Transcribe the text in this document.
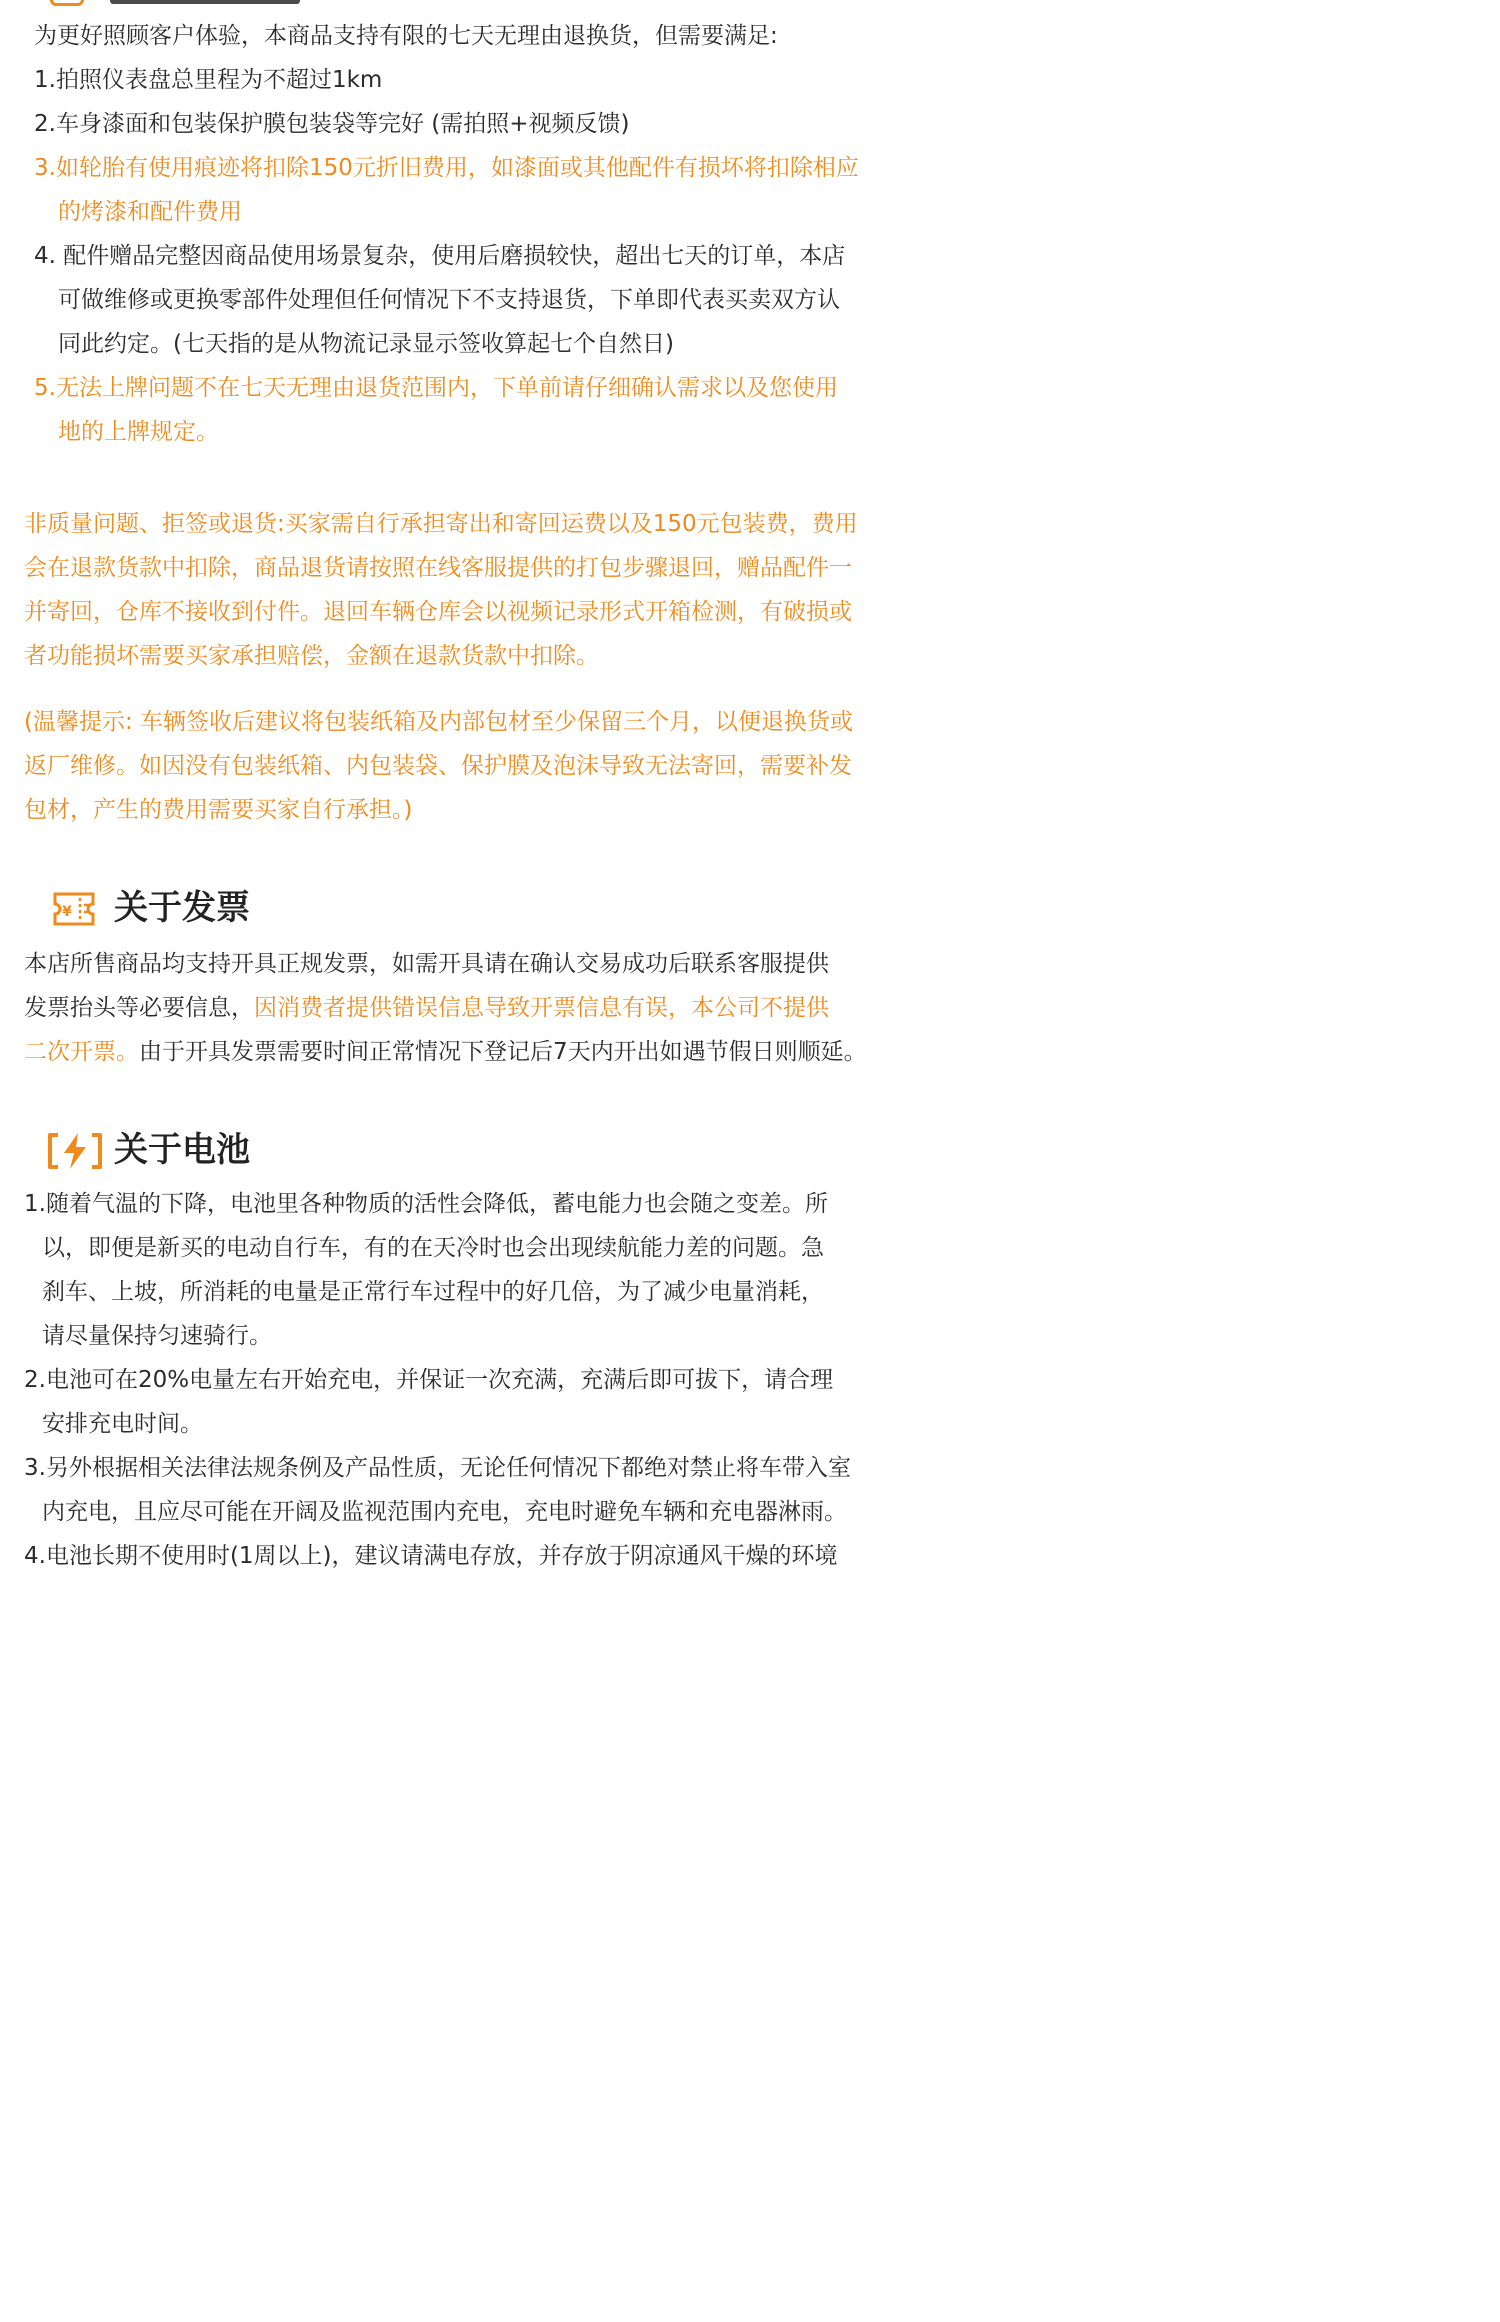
为更好照顾客户体验，本商品支持有限的七天无理由退换货，但需要满足:
1.拍照仪表盘总里程为不超过1km
2.车身漆面和包装保护膜包装袋等完好 (需拍照+视频反馈)
3.如轮胎有使用痕迹将扣除150元折旧费用，如漆面或其他配件有损坏将扣除相应
的烤漆和配件费用
4. 配件赠品完整因商品使用场景复杂，使用后磨损较快，超出七天的订单，本店
可做维修或更换零部件处理但任何情况下不支持退货，下单即代表买卖双方认
同此约定。(七天指的是从物流记录显示签收算起七个自然日)
5.无法上牌问题不在七天无理由退货范围内，下单前请仔细确认需求以及您使用
地的上牌规定。
非质量问题、拒签或退货:买家需自行承担寄出和寄回运费以及150元包装费，费用
会在退款货款中扣除，商品退货请按照在线客服提供的打包步骤退回，赠品配件一
并寄回，仓库不接收到付件。退回车辆仓库会以视频记录形式开箱检测，有破损或
者功能损坏需要买家承担赔偿，金额在退款货款中扣除。
(温馨提示: 车辆签收后建议将包装纸箱及内部包材至少保留三个月，以便退换货或
返厂维修。如因没有包装纸箱、内包装袋、保护膜及泡沫导致无法寄回，需要补发
包材，产生的费用需要买家自行承担。)
¥ 关于发票
本店所售商品均支持开具正规发票，如需开具请在确认交易成功后联系客服提供
发票抬头等必要信息，因消费者提供错误信息导致开票信息有误，本公司不提供
二次开票。由于开具发票需要时间正常情况下登记后7天内开出如遇节假日则顺延。
关于电池
1.随着气温的下降，电池里各种物质的活性会降低，蓄电能力也会随之变差。所
以，即便是新买的电动自行车，有的在天冷时也会出现续航能力差的问题。急
刹车、上坡，所消耗的电量是正常行车过程中的好几倍，为了减少电量消耗，
请尽量保持匀速骑行。
2.电池可在20%电量左右开始充电，并保证一次充满，充满后即可拔下，请合理
安排充电时间。
3.另外根据相关法律法规条例及产品性质，无论任何情况下都绝对禁止将车带入室
内充电，且应尽可能在开阔及监视范围内充电，充电时避免车辆和充电器淋雨。
4.电池长期不使用时(1周以上)，建议请满电存放，并存放于阴凉通风干燥的环境
